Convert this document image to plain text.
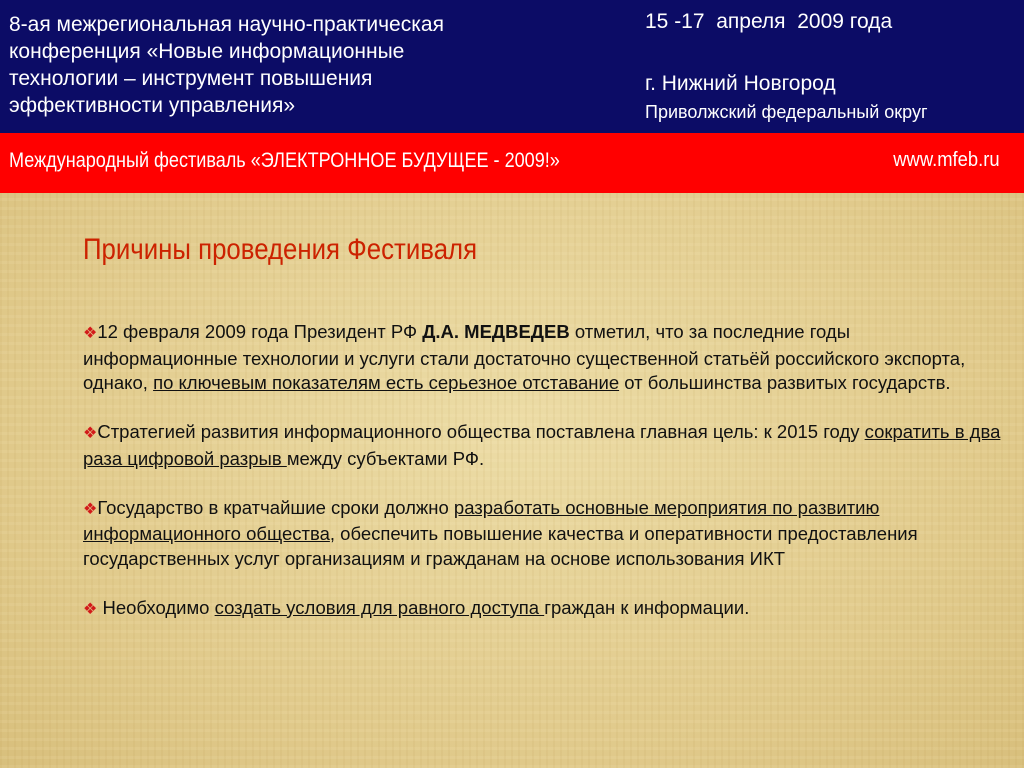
8-ая межрегиональная научно-практическая
конференция «Новые информационные
технологии – инструмент повышения
эффективности управления»
15 -17  апреля  2009 года
г. Нижний Новгород
Приволжский федеральный округ
Международный фестиваль «ЭЛЕКТРОННОЕ БУДУЩЕЕ - 2009!»	www.mfeb.ru
Причины проведения Фестиваля

❖12 февраля 2009 года Президент РФ Д.А. МЕДВЕДЕВ отметил, что за последние годы информационные технологии и услуги стали достаточно существенной статьёй российского экспорта, однако, по ключевым показателям есть серьезное отставание от большинства развитых государств.

❖Стратегией развития информационного общества поставлена главная цель: к 2015 году сократить в два раза цифровой разрыв между субъектами РФ.

❖Государство в кратчайшие сроки должно разработать основные мероприятия по развитию информационного общества, обеспечить повышение качества и оперативности предоставления государственных услуг организациям и гражданам на основе использования ИКТ

❖ Необходимо создать условия для равного доступа граждан к информации.
